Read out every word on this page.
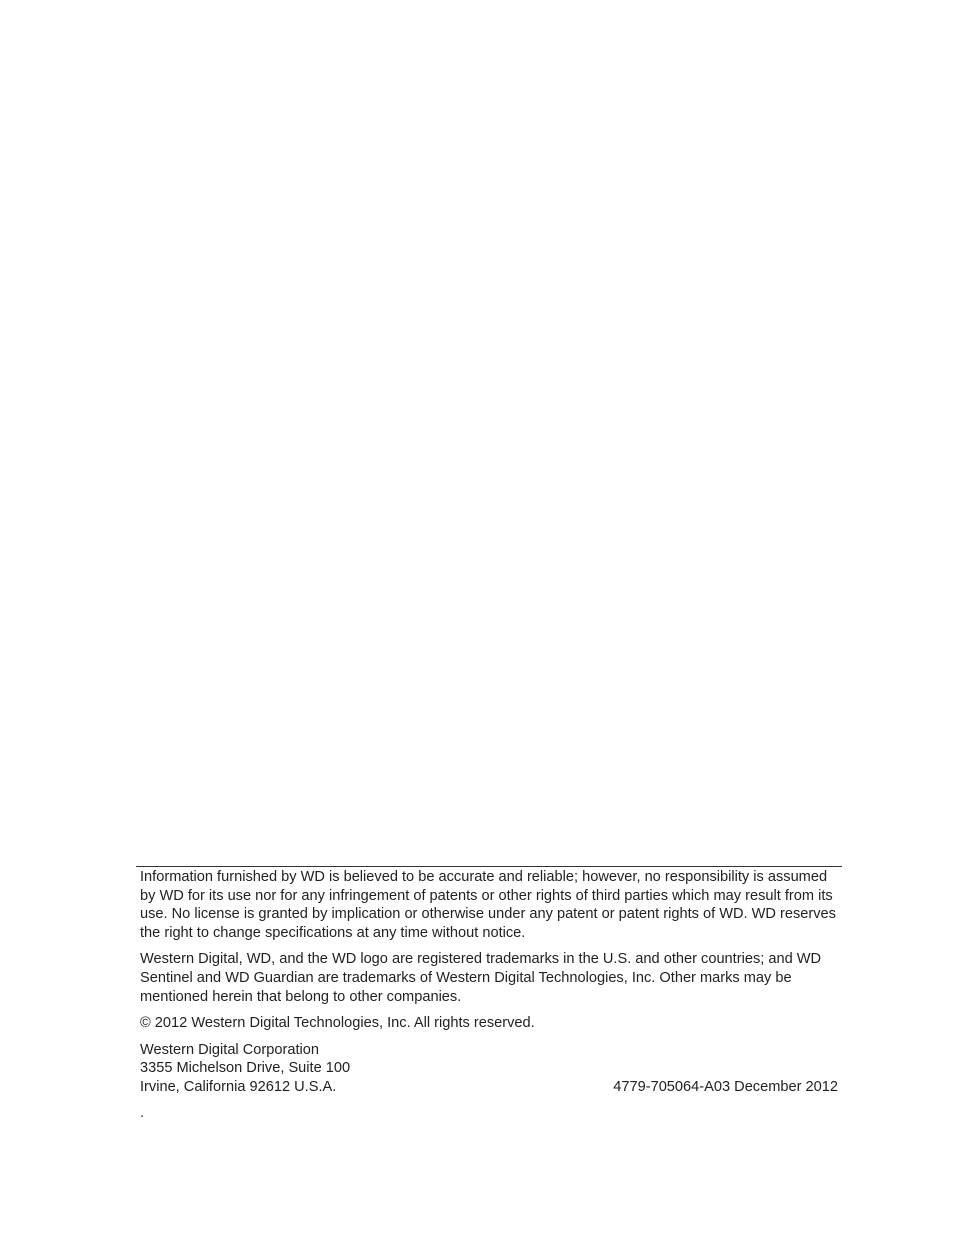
Information furnished by WD is believed to be accurate and reliable; however, no responsibility is assumed by WD for its use nor for any infringement of patents or other rights of third parties which may result from its use. No license is granted by implication or otherwise under any patent or patent rights of WD. WD reserves the right to change specifications at any time without notice.

Western Digital, WD, and the WD logo are registered trademarks in the U.S. and other countries; and WD Sentinel and WD Guardian are trademarks of Western Digital Technologies, Inc. Other marks may be mentioned herein that belong to other companies.

© 2012 Western Digital Technologies, Inc. All rights reserved.

Western Digital Corporation
3355 Michelson Drive, Suite 100
Irvine, California 92612 U.S.A.	4779-705064-A03 December 2012
.
